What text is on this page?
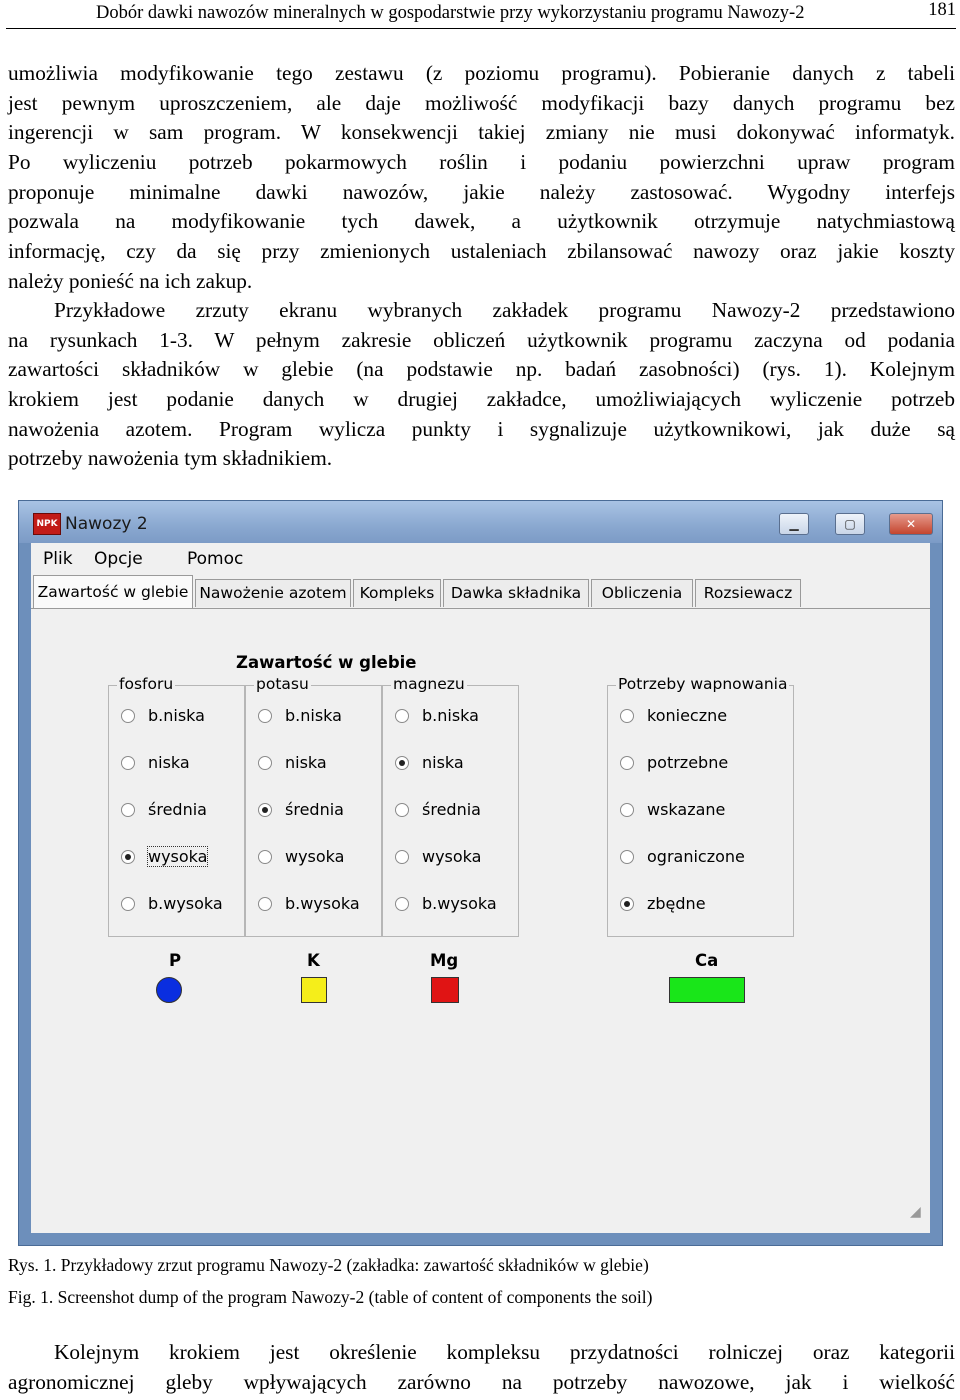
Dobór dawki nawozów mineralnych w gospodarstwie przy wykorzystaniu programu Nawozy-2	181
umożliwia modyfikowanie tego zestawu (z poziomu programu). Pobieranie danych z tabeli
jest pewnym uproszczeniem, ale daje możliwość modyfikacji bazy danych programu bez
ingerencji w sam program. W konsekwencji takiej zmiany nie musi dokonywać informatyk.
Po wyliczeniu potrzeb pokarmowych roślin i podaniu powierzchni upraw program
proponuje minimalne dawki nawozów, jakie należy zastosować. Wygodny interfejs
pozwala na modyfikowanie tych dawek, a użytkownik otrzymuje natychmiastową
informację, czy da się przy zmienionych ustaleniach zbilansować nawozy oraz jakie koszty
należy ponieść na ich zakup.
Przykładowe zrzuty ekranu wybranych zakładek programu Nawozy-2 przedstawiono
na rysunkach 1-3. W pełnym zakresie obliczeń użytkownik programu zaczyna od podania
zawartości składników w glebie (na podstawie np. badań zasobności) (rys. 1). Kolejnym
krokiem jest podanie danych w drugiej zakładce, umożliwiających wyliczenie potrzeb
nawożenia azotem. Program wylicza punkty i sygnalizuje użytkownikowi, jak duże są
potrzeby nawożenia tym składnikiem.
NPK Nawozy 2	▁	▢	✕
Plik Opcje	Pomoc
Zawartość w glebie Nawożenie azotem Kompleks	Dawka składnika	Obliczenia	Rozsiewacz
Zawartość w glebie
fosforu
b.niska
niska
średnia
wysoka
b.wysoka
potasu
b.niska
niska
średnia
wysoka
b.wysoka
magnezu
b.niska
niska
średnia
wysoka
b.wysoka
Potrzeby wapnowania
konieczne
potrzebne
wskazane
ograniczone
zbędne
P	K	Mg	Ca
◢
Rys. 1. Przykładowy zrzut programu Nawozy-2 (zakładka: zawartość składników w glebie)
Fig. 1. Screenshot dump of the program Nawozy-2 (table of content of components the soil)
Kolejnym krokiem jest określenie kompleksu przydatności rolniczej oraz kategorii
agronomicznej gleby wpływających zarówno na potrzeby nawozowe, jak i wielkość
